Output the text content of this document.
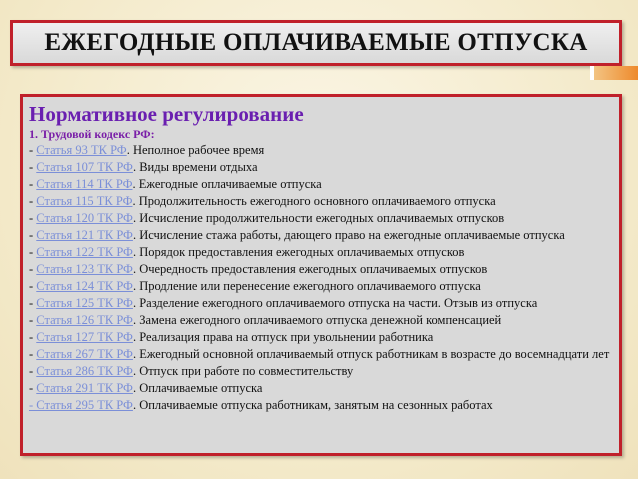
ЕЖЕГОДНЫЕ ОПЛАЧИВАЕМЫЕ ОТПУСКА
Нормативное регулирование
1. Трудовой кодекс РФ:
- Статья 93 ТК РФ. Неполное рабочее время
- Статья 107 ТК РФ. Виды времени отдыха
- Статья 114 ТК РФ. Ежегодные оплачиваемые отпуска
- Статья 115 ТК РФ. Продолжительность ежегодного основного оплачиваемого отпуска
- Статья 120 ТК РФ. Исчисление продолжительности ежегодных оплачиваемых отпусков
- Статья 121 ТК РФ. Исчисление стажа работы, дающего право на ежегодные оплачиваемые отпуска
- Статья 122 ТК РФ. Порядок предоставления ежегодных оплачиваемых отпусков
- Статья 123 ТК РФ. Очередность предоставления ежегодных оплачиваемых отпусков
- Статья 124 ТК РФ. Продление или перенесение ежегодного оплачиваемого отпуска
- Статья 125 ТК РФ. Разделение ежегодного оплачиваемого отпуска на части. Отзыв из отпуска
- Статья 126 ТК РФ. Замена ежегодного оплачиваемого отпуска денежной компенсацией
- Статья 127 ТК РФ. Реализация права на отпуск при увольнении работника
- Статья 267 ТК РФ. Ежегодный основной оплачиваемый отпуск работникам в возрасте до восемнадцати лет
- Статья 286 ТК РФ. Отпуск при работе по совместительству
- Статья 291 ТК РФ. Оплачиваемые отпуска
- Статья 295 ТК РФ. Оплачиваемые отпуска работникам, занятым на сезонных работах
